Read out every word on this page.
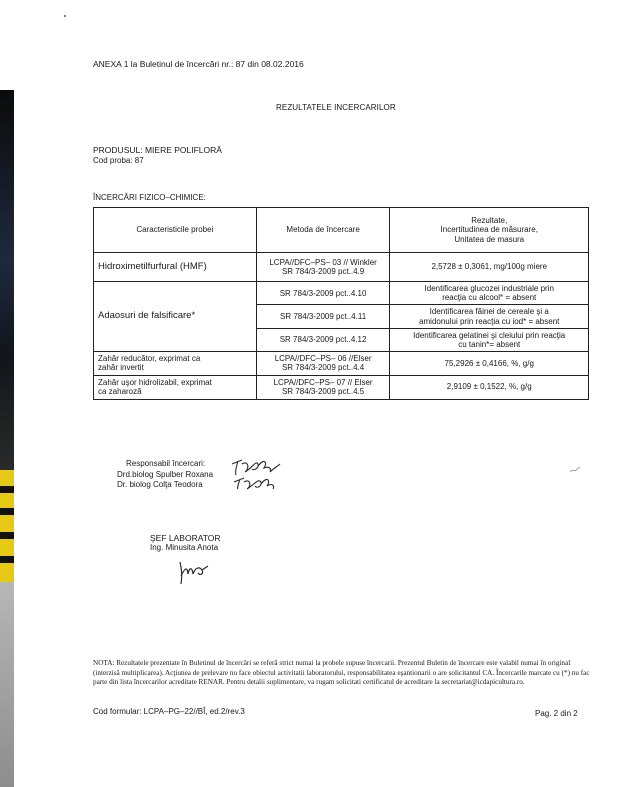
ANEXA 1 la Buletinul de încercări nr.: 87 din 08.02.2016
REZULTATELE INCERCARILOR
PRODUSUL: MIERE POLIFLORĂ
Cod proba: 87
ÎNCERCĂRI FIZICO–CHIMICE:
Caracteristicile probei	Metoda de încercare	Rezultate,
Incertitudinea de măsurare,
Unitatea de masura
Hidroximetilfurfural (HMF)	LCPA//DFC–PS– 03 // Winkler
SR 784/3-2009 pct..4.9	2,5728 ± 0,3061, mg/100g miere
Adaosuri de falsificare*	SR 784/3-2009 pct..4.10	Identificarea glucozei industriale prin
reacţia cu alcool* = absent
	SR 784/3-2009 pct..4.11	Identificarea făinei de cereale şi a
amidonului prin reacţia cu iod* = absent
	SR 784/3-2009 pct..4.12	Identificarea gelatinei şi cleiului prin reacţia
cu tanin*= absent
Zahăr reducător, exprimat ca
zahăr invertit	LCPA//DFC–PS– 06 //Elser
SR 784/3-2009 pct..4.4	75,2926 ± 0,4166, %, g/g
Zahăr uşor hidrolizabil, exprimat
ca zaharoză	LCPA//DFC–PS– 07 // Elser
SR 784/3-2009 pct..4.5	2,9109 ± 0,1522, %, g/g
Responsabil încercari:
Drd.biolog Spulber Roxana
Dr. biolog Colţa Teodora
ŞEF LABORATOR
Ing. Minusita Anota
NOTA: Rezultatele prezentate în Buletinul de încercări se referă strict numai la probele supuse încercarii. Prezentul Buletin de încercare este valabil numai în original (interzisă multiplicarea). Acţiunea de prelevare nu face obiectul activitatii laboratorului, responsabilitatea eşantionarii o are solicitantul CA. Încercarile marcate cu (*) nu fac parte din lista încercarilor acreditate RENAR. Pentru detalii suplimentare, va rugam solicitati certificatul de acreditare la secretariat@icdapicultura.ro.
Cod formular: LCPA–PG–22//BÎ, ed.2/rev.3	Pag. 2 din 2
